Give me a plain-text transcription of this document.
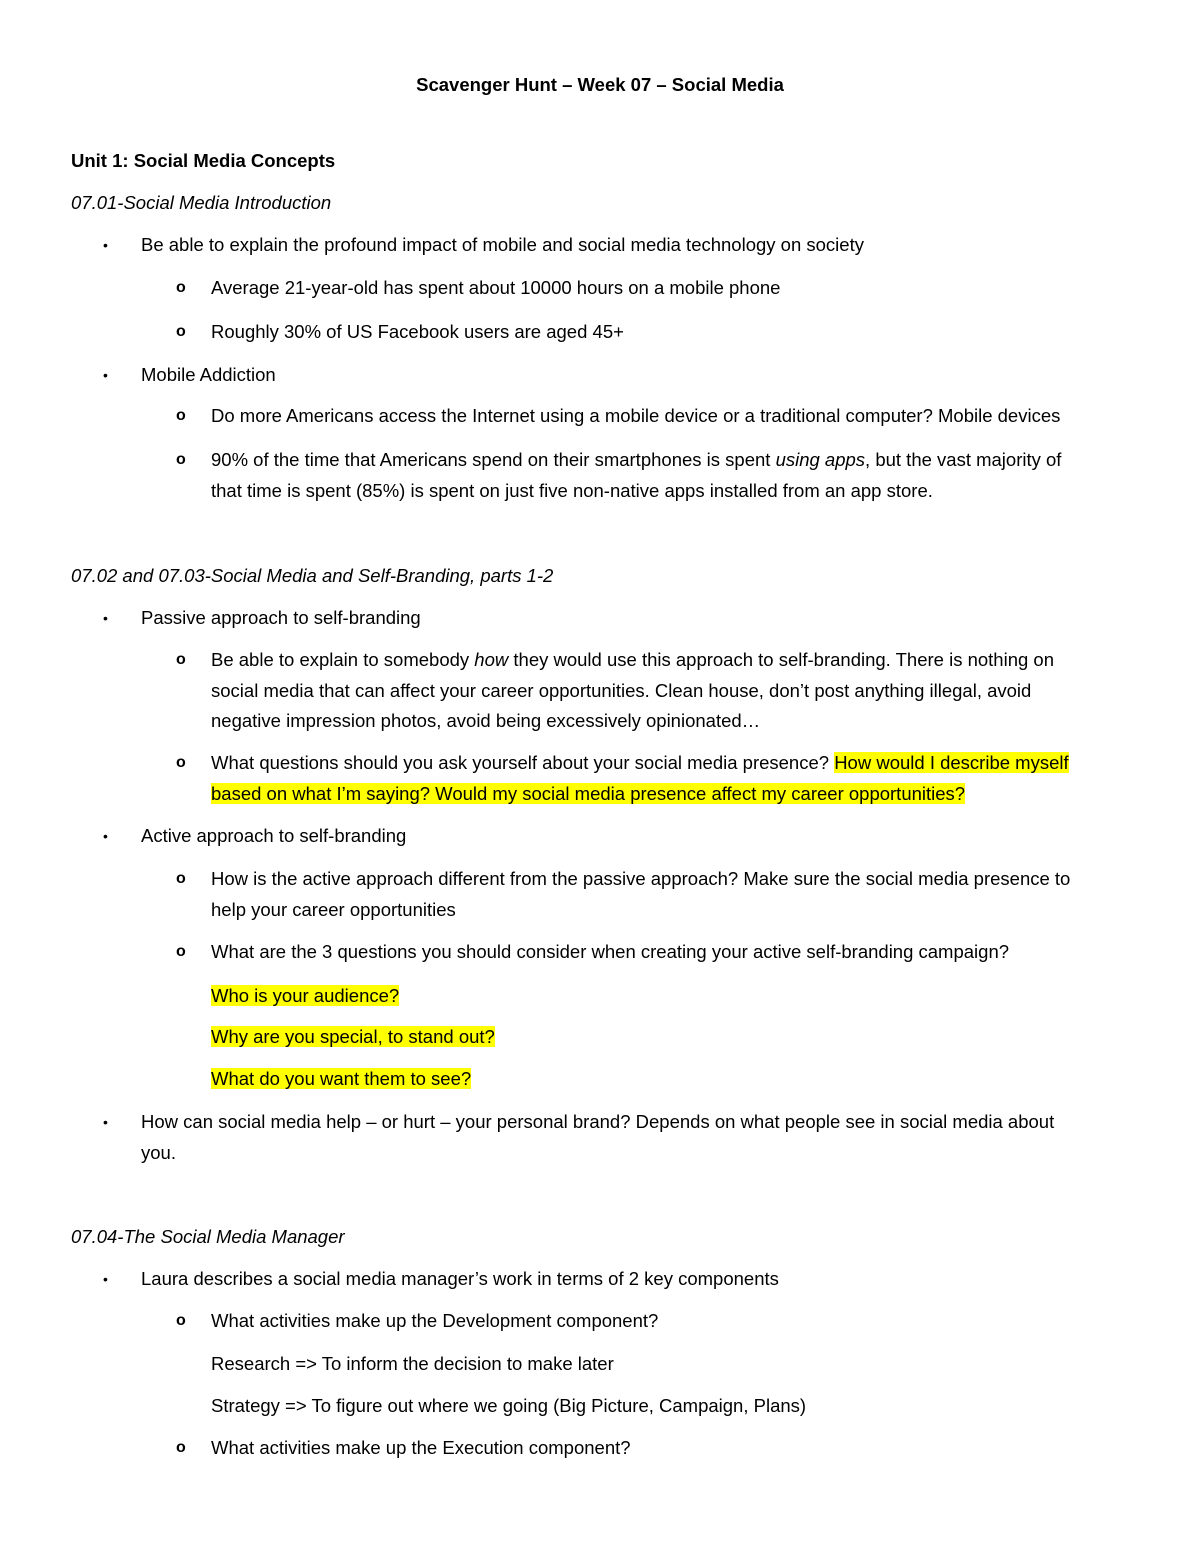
Scavenger Hunt – Week 07 – Social Media
Unit 1: Social Media Concepts
07.01-Social Media Introduction
• Be able to explain the profound impact of mobile and social media technology on society
o Average 21-year-old has spent about 10000 hours on a mobile phone
o Roughly 30% of US Facebook users are aged 45+
• Mobile Addiction
o Do more Americans access the Internet using a mobile device or a traditional computer? Mobile devices
o 90% of the time that Americans spend on their smartphones is spent using apps, but the vast majority of
that time is spent (85%) is spent on just five non-native apps installed from an app store.
07.02 and 07.03-Social Media and Self-Branding, parts 1-2
• Passive approach to self-branding
o Be able to explain to somebody how they would use this approach to self-branding. There is nothing on
social media that can affect your career opportunities. Clean house, don’t post anything illegal, avoid
negative impression photos, avoid being excessively opinionated…
o What questions should you ask yourself about your social media presence? How would I describe myself
based on what I’m saying? Would my social media presence affect my career opportunities?
• Active approach to self-branding
o How is the active approach different from the passive approach? Make sure the social media presence to
help your career opportunities
o What are the 3 questions you should consider when creating your active self-branding campaign?
Who is your audience?
Why are you special, to stand out?
What do you want them to see?
• How can social media help – or hurt – your personal brand? Depends on what people see in social media about
you.
07.04-The Social Media Manager
• Laura describes a social media manager’s work in terms of 2 key components
o What activities make up the Development component?
Research => To inform the decision to make later
Strategy => To figure out where we going (Big Picture, Campaign, Plans)
o What activities make up the Execution component?
